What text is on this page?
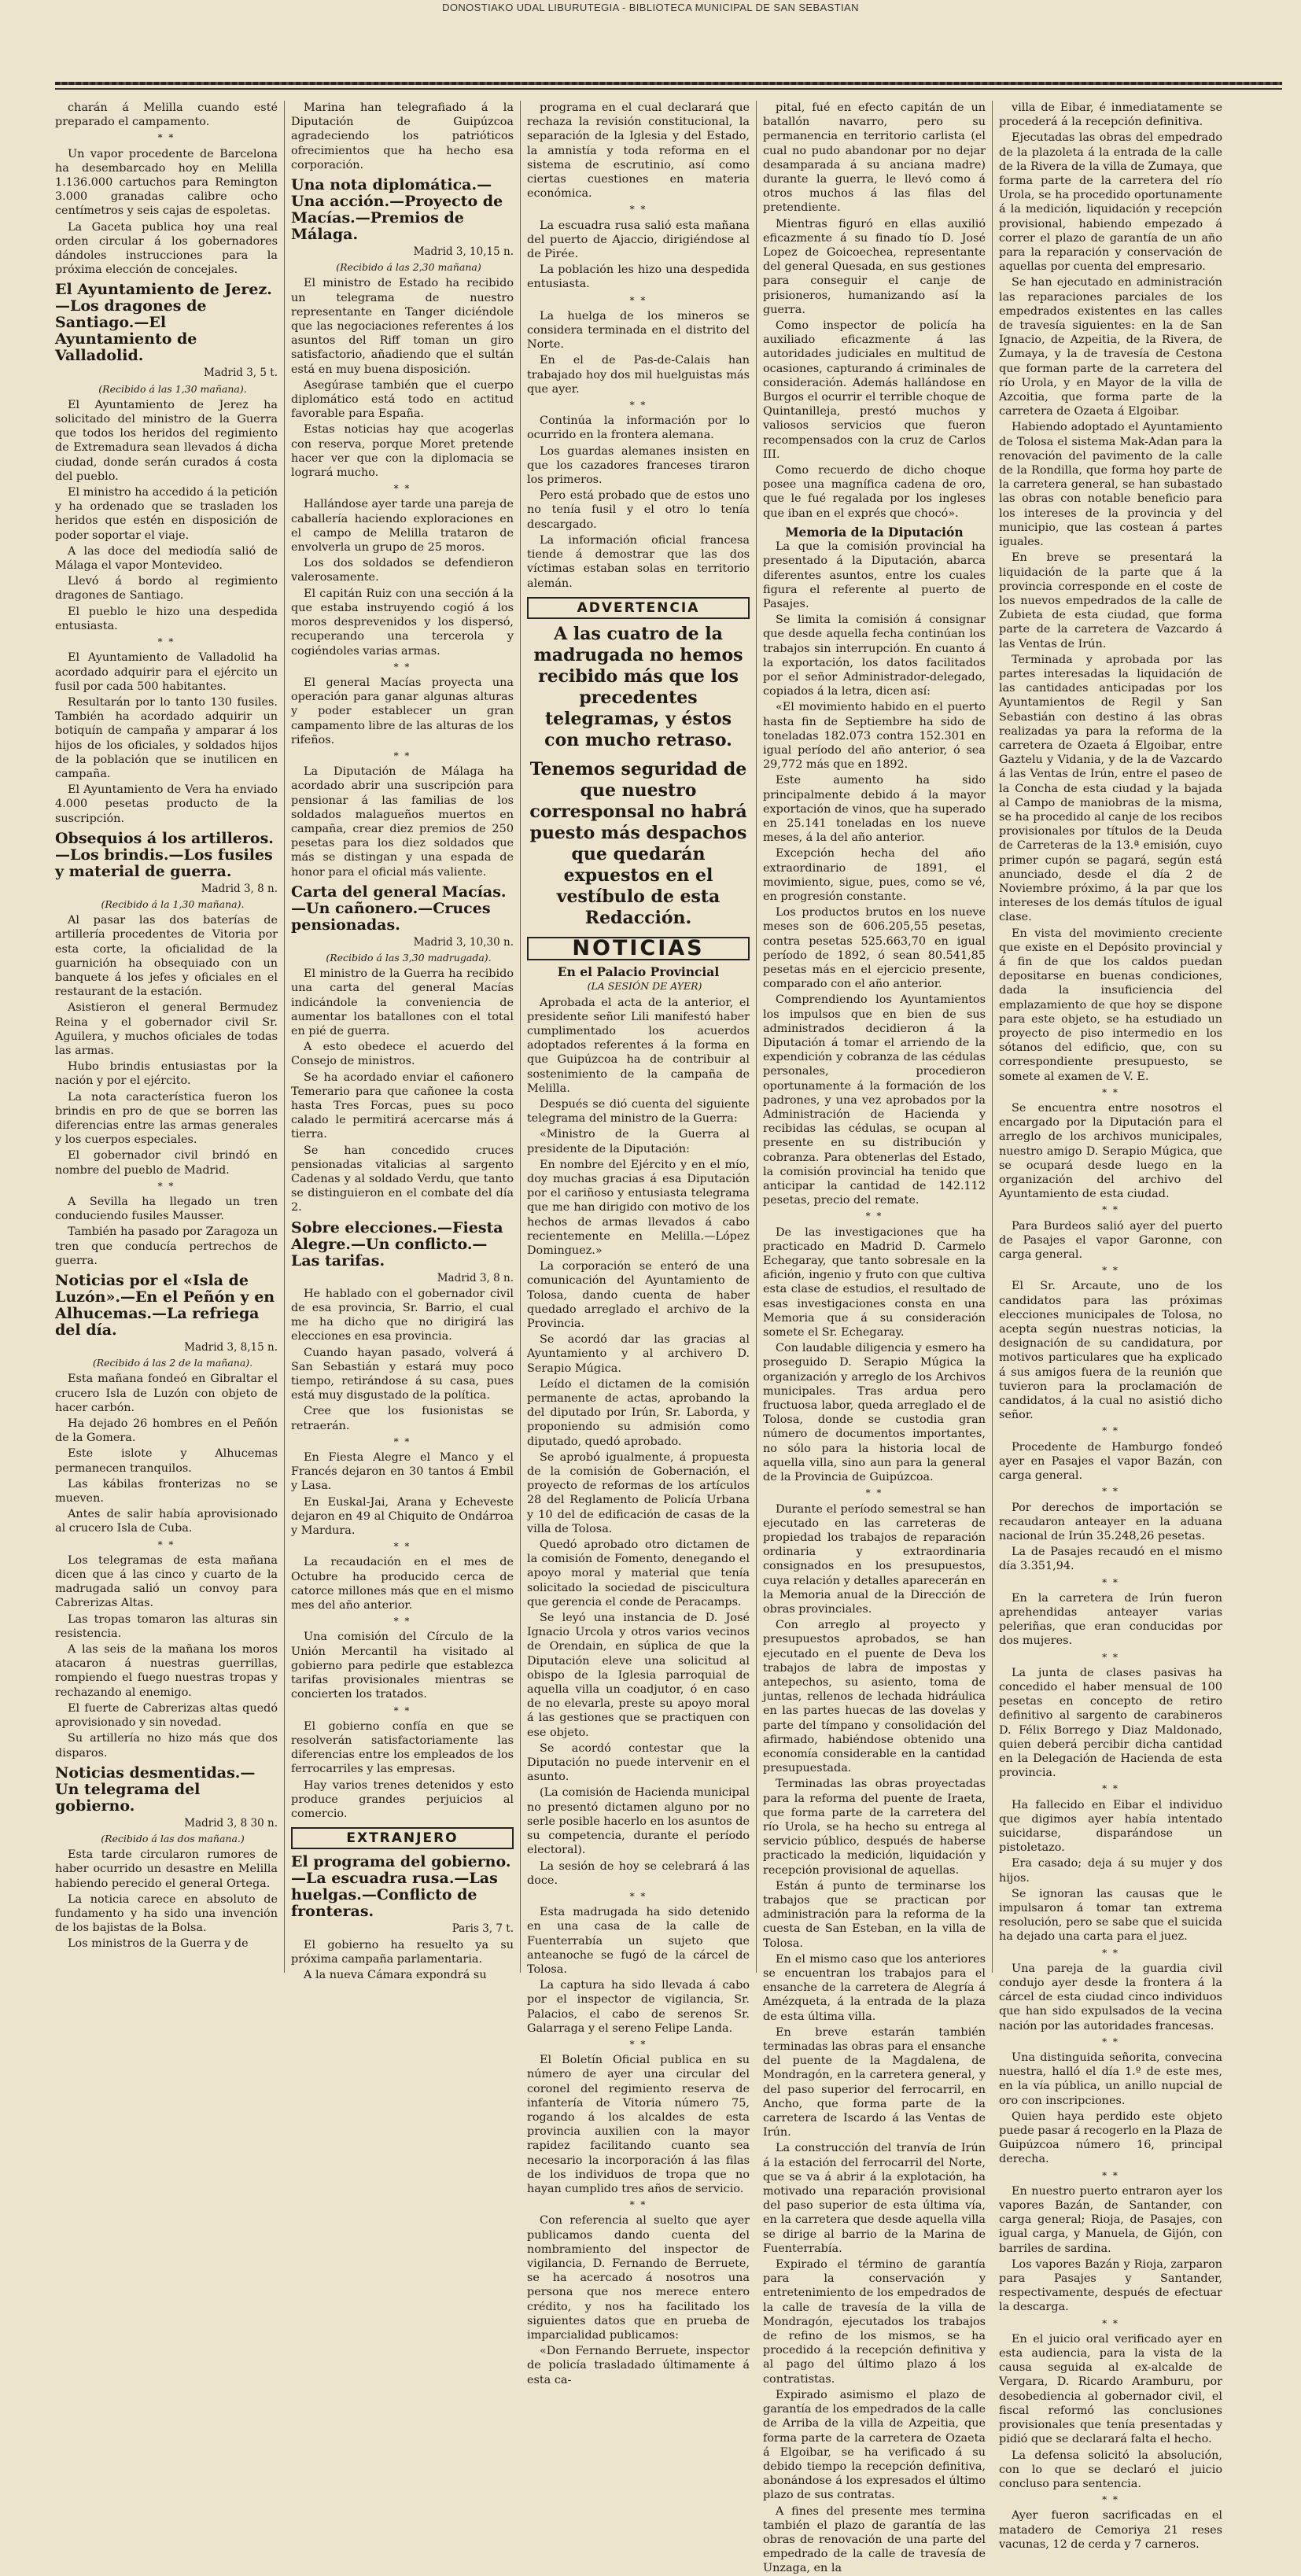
DONOSTIAKO UDAL LIBURUTEGIA - BIBLIOTECA MUNICIPAL DE SAN SEBASTIAN

charán á Melilla cuando esté preparado el campamento.

* *

Un vapor procedente de Barcelona ha desembarcado hoy en Melilla 1.136.000 cartuchos para Remington 3.000 granadas calibre ocho centímetros y seis cajas de espoletas.

La Gaceta publica hoy una real orden circular á los gobernadores dándoles instrucciones para la próxima elección de concejales.

El Ayuntamiento de Jerez.—Los dragones de Santiago.—El Ayuntamiento de Valladolid.

Madrid 3, 5 t.

(Recibido á las 1,30 mañana).

El Ayuntamiento de Jerez ha solicitado del ministro de la Guerra que todos los heridos del regimiento de Extremadura sean llevados á dicha ciudad, donde serán curados á costa del pueblo.

El ministro ha accedido á la petición y ha ordenado que se trasladen los heridos que estén en disposición de poder soportar el viaje.

A las doce del mediodía salió de Málaga el vapor Montevideo.

Llevó á bordo al regimiento dragones de Santiago.

El pueblo le hizo una despedida entusiasta.

* *

El Ayuntamiento de Valladolid ha acordado adquirir para el ejército un fusil por cada 500 habitantes.

Resultarán por lo tanto 130 fusiles. También ha acordado adquirir un botiquín de campaña y amparar á los hijos de los oficiales, y soldados hijos de la población que se inutilicen en campaña.

El Ayuntamiento de Vera ha enviado 4.000 pesetas producto de la suscripción.

Obsequios á los artilleros.—Los brindis.—Los fusiles y material de guerra.

Madrid 3, 8 n.

(Recibido á la 1,30 mañana).

Al pasar las dos baterías de artillería procedentes de Vitoria por esta corte, la oficialidad de la guarnición ha obsequiado con un banquete á los jefes y oficiales en el restaurant de la estación.

Asistieron el general Bermudez Reina y el gobernador civil Sr. Aguilera, y muchos oficiales de todas las armas.

Hubo brindis entusiastas por la nación y por el ejército.

La nota característica fueron los brindis en pro de que se borren las diferencias entre las armas generales y los cuerpos especiales.

El gobernador civil brindó en nombre del pueblo de Madrid.

* *

A Sevilla ha llegado un tren conduciendo fusiles Mausser.

También ha pasado por Zaragoza un tren que conducía pertrechos de guerra.

Noticias por el «Isla de Luzón».—En el Peñón y en Alhucemas.—La refriega del día.

Madrid 3, 8,15 n.

(Recibido á las 2 de la mañana).

Esta mañana fondeó en Gibraltar el crucero Isla de Luzón con objeto de hacer carbón.

Ha dejado 26 hombres en el Peñón de la Gomera.

Este islote y Alhucemas permanecen tranquilos.

Las kábilas fronterizas no se mueven.

Antes de salir había aprovisionado al crucero Isla de Cuba.

* *

Los telegramas de esta mañana dicen que á las cinco y cuarto de la madrugada salió un convoy para Cabrerizas Altas.

Las tropas tomaron las alturas sin resistencia.

A las seis de la mañana los moros atacaron á nuestras guerrillas, rompiendo el fuego nuestras tropas y rechazando al enemigo.

El fuerte de Cabrerizas altas quedó aprovisionado y sin novedad.

Su artillería no hizo más que dos disparos.

Noticias desmentidas.—Un telegrama del gobierno.

Madrid 3, 8 30 n.

(Recibido á las dos mañana.)

Esta tarde circularon rumores de haber ocurrido un desastre en Melilla habiendo perecido el general Ortega.

La noticia carece en absoluto de fundamento y ha sido una invención de los bajistas de la Bolsa.

Los ministros de la Guerra y de

Marina han telegrafiado á la Diputación de Guipúzcoa agradeciendo los patrióticos ofrecimientos que ha hecho esa corporación.

Una nota diplomática.—Una acción.—Proyecto de Macías.—Premios de Málaga.

Madrid 3, 10,15 n.

(Recibido á las 2,30 mañana)

El ministro de Estado ha recibido un telegrama de nuestro representante en Tanger diciéndole que las negociaciones referentes á los asuntos del Riff toman un giro satisfactorio, añadiendo que el sultán está en muy buena disposición.

Asegúrase también que el cuerpo diplomático está todo en actitud favorable para España.

Estas noticias hay que acogerlas con reserva, porque Moret pretende hacer ver que con la diplomacia se logrará mucho.

* *

Hallándose ayer tarde una pareja de caballería haciendo exploraciones en el campo de Melilla trataron de envolverla un grupo de 25 moros.

Los dos soldados se defendieron valerosamente.

El capitán Ruiz con una sección á la que estaba instruyendo cogió á los moros desprevenidos y los dispersó, recuperando una tercerola y cogiéndoles varias armas.

* *

El general Macías proyecta una operación para ganar algunas alturas y poder establecer un gran campamento libre de las alturas de los rifeños.

* *

La Diputación de Málaga ha acordado abrir una suscripción para pensionar á las familias de los soldados malagueños muertos en campaña, crear diez premios de 250 pesetas para los diez soldados que más se distingan y una espada de honor para el oficial más valiente.

Carta del general Macías.—Un cañonero.—Cruces pensionadas.

Madrid 3, 10,30 n.

(Recibido á las 3,30 madrugada).

El ministro de la Guerra ha recibido una carta del general Macías indicándole la conveniencia de aumentar los batallones con el total en pié de guerra.

A esto obedece el acuerdo del Consejo de ministros.

Se ha acordado enviar el cañonero Temerario para que cañonee la costa hasta Tres Forcas, pues su poco calado le permitirá acercarse más á tierra.

Se han concedido cruces pensionadas vitalicias al sargento Cadenas y al soldado Verdu, que tanto se distinguieron en el combate del día 2.

Sobre elecciones.—Fiesta Alegre.—Un conflicto.—Las tarifas.

Madrid 3, 8 n.

He hablado con el gobernador civil de esa provincia, Sr. Barrio, el cual me ha dicho que no dirigirá las elecciones en esa provincia.

Cuando hayan pasado, volverá á San Sebastián y estará muy poco tiempo, retirándose á su casa, pues está muy disgustado de la política.

Cree que los fusionistas se retraerán.

* *

En Fiesta Alegre el Manco y el Francés dejaron en 30 tantos á Embil y Lasa.

En Euskal-Jai, Arana y Echeveste dejaron en 49 al Chiquito de Ondárroa y Mardura.

* *

La recaudación en el mes de Octubre ha producido cerca de catorce millones más que en el mismo mes del año anterior.

* *

Una comisión del Círculo de la Unión Mercantil ha visitado al gobierno para pedirle que establezca tarifas provisionales mientras se concierten los tratados.

* *

El gobierno confía en que se resolverán satisfactoriamente las diferencias entre los empleados de los ferrocarriles y las empresas.

Hay varios trenes detenidos y esto produce grandes perjuicios al comercio.

EXTRANJERO
El programa del gobierno.—La escuadra rusa.—Las huelgas.—Conflicto de fronteras.

Paris 3, 7 t.

El gobierno ha resuelto ya su próxima campaña parlamentaria.

A la nueva Cámara expondrá su

programa en el cual declarará que rechaza la revisión constitucional, la separación de la Iglesia y del Estado, la amnistía y toda reforma en el sistema de escrutinio, así como ciertas cuestiones en materia económica.

* *

La escuadra rusa salió esta mañana del puerto de Ajaccio, dirigiéndose al de Pirée.

La población les hizo una despedida entusiasta.

* *

La huelga de los mineros se considera terminada en el distrito del Norte.

En el de Pas-de-Calais han trabajado hoy dos mil huelguistas más que ayer.

* *

Continúa la información por lo ocurrido en la frontera alemana.

Los guardas alemanes insisten en que los cazadores franceses tiraron los primeros.

Pero está probado que de estos uno no tenía fusil y el otro lo tenía descargado.

La información oficial francesa tiende á demostrar que las dos víctimas estaban solas en territorio alemán.

ADVERTENCIA
A las cuatro de la madrugada no hemos recibido más que los precedentes telegramas, y éstos con mucho retraso.
Tenemos seguridad de que nuestro corresponsal no habrá puesto más despachos que quedarán expuestos en el vestíbulo de esta Redacción.
NOTICIAS
En el Palacio Provincial

(LA SESIÓN DE AYER)

Aprobada el acta de la anterior, el presidente señor Lili manifestó haber cumplimentado los acuerdos adoptados referentes á la forma en que Guipúzcoa ha de contribuir al sostenimiento de la campaña de Melilla.

Después se dió cuenta del siguiente telegrama del ministro de la Guerra:

«Ministro de la Guerra al presidente de la Diputación:

En nombre del Ejército y en el mío, doy muchas gracias á esa Diputación por el cariñoso y entusiasta telegrama que me han dirigido con motivo de los hechos de armas llevados á cabo recientemente en Melilla.—López Dominguez.»

La corporación se enteró de una comunicación del Ayuntamiento de Tolosa, dando cuenta de haber quedado arreglado el archivo de la Provincia.

Se acordó dar las gracias al Ayuntamiento y al archivero D. Serapio Múgica.

Leído el dictamen de la comisión permanente de actas, aprobando la del diputado por Irún, Sr. Laborda, y proponiendo su admisión como diputado, quedó aprobado.

Se aprobó igualmente, á propuesta de la comisión de Gobernación, el proyecto de reformas de los artículos 28 del Reglamento de Policía Urbana y 10 del de edificación de casas de la villa de Tolosa.

Quedó aprobado otro dictamen de la comisión de Fomento, denegando el apoyo moral y material que tenía solicitado la sociedad de piscicultura que gerencia el conde de Peracamps.

Se leyó una instancia de D. José Ignacio Urcola y otros varios vecinos de Orendain, en súplica de que la Diputación eleve una solicitud al obispo de la Iglesia parroquial de aquella villa un coadjutor, ó en caso de no elevarla, preste su apoyo moral á las gestiones que se practiquen con ese objeto.

Se acordó contestar que la Diputación no puede intervenir en el asunto.

(La comisión de Hacienda municipal no presentó dictamen alguno por no serle posible hacerlo en los asuntos de su competencia, durante el período electoral).

La sesión de hoy se celebrará á las doce.

* *

Esta madrugada ha sido detenido en una casa de la calle de Fuenterrabía un sujeto que anteanoche se fugó de la cárcel de Tolosa.

La captura ha sido llevada á cabo por el inspector de vigilancia, Sr. Palacios, el cabo de serenos Sr. Galarraga y el sereno Felipe Landa.

* *

El Boletín Oficial publica en su número de ayer una circular del coronel del regimiento reserva de infantería de Vitoria número 75, rogando á los alcaldes de esta provincia auxilien con la mayor rapidez facilitando cuanto sea necesario la incorporación á las filas de los individuos de tropa que no hayan cumplido tres años de servicio.

* *

Con referencia al suelto que ayer publicamos dando cuenta del nombramiento del inspector de vigilancia, D. Fernando de Berruete, se ha acercado á nosotros una persona que nos merece entero crédito, y nos ha facilitado los siguientes datos que en prueba de imparcialidad publicamos:

«Don Fernando Berruete, inspector de policía trasladado últimamente á esta ca-

pital, fué en efecto capitán de un batallón navarro, pero su permanencia en territorio carlista (el cual no pudo abandonar por no dejar desamparada á su anciana madre) durante la guerra, le llevó como á otros muchos á las filas del pretendiente.

Mientras figuró en ellas auxilió eficazmente á su finado tío D. José Lopez de Goicoechea, representante del general Quesada, en sus gestiones para conseguir el canje de prisioneros, humanizando así la guerra.

Como inspector de policía ha auxiliado eficazmente á las autoridades judiciales en multitud de ocasiones, capturando á criminales de consideración. Además hallándose en Burgos el ocurrir el terrible choque de Quintanilleja, prestó muchos y valiosos servicios que fueron recompensados con la cruz de Carlos III.

Como recuerdo de dicho choque posee una magnífica cadena de oro, que le fué regalada por los ingleses que iban en el exprés que chocó».

Memoria de la Diputación

La que la comisión provincial ha presentado á la Diputación, abarca diferentes asuntos, entre los cuales figura el referente al puerto de Pasajes.

Se limita la comisión á consignar que desde aquella fecha continúan los trabajos sin interrupción. En cuanto á la exportación, los datos facilitados por el señor Administrador-delegado, copiados á la letra, dicen así:

«El movimiento habido en el puerto hasta fin de Septiembre ha sido de toneladas 182.073 contra 152.301 en igual período del año anterior, ó sea 29,772 más que en 1892.

Este aumento ha sido principalmente debido á la mayor exportación de vinos, que ha superado en 25.141 toneladas en los nueve meses, á la del año anterior.

Excepción hecha del año extraordinario de 1891, el movimiento, sigue, pues, como se vé, en progresión constante.

Los productos brutos en los nueve meses son de 606.205,55 pesetas, contra pesetas 525.663,70 en igual período de 1892, ó sean 80.541,85 pesetas más en el ejercicio presente, comparado con el año anterior.

Comprendiendo los Ayuntamientos los impulsos que en bien de sus administrados decidieron á la Diputación á tomar el arriendo de la expendición y cobranza de las cédulas personales, procedieron oportunamente á la formación de los padrones, y una vez aprobados por la Administración de Hacienda y recibidas las cédulas, se ocupan al presente en su distribución y cobranza. Para obtenerlas del Estado, la comisión provincial ha tenido que anticipar la cantidad de 142.112 pesetas, precio del remate.

* *

De las investigaciones que ha practicado en Madrid D. Carmelo Echegaray, que tanto sobresale en la afición, ingenio y fruto con que cultiva esta clase de estudios, el resultado de esas investigaciones consta en una Memoria que á su consideración somete el Sr. Echegaray.

Con laudable diligencia y esmero ha proseguido D. Serapio Múgica la organización y arreglo de los Archivos municipales. Tras ardua pero fructuosa labor, queda arreglado el de Tolosa, donde se custodia gran número de documentos importantes, no sólo para la historia local de aquella villa, sino aun para la general de la Provincia de Guipúzcoa.

* *

Durante el período semestral se han ejecutado en las carreteras de propiedad los trabajos de reparación ordinaria y extraordinaria consignados en los presupuestos, cuya relación y detalles aparecerán en la Memoria anual de la Dirección de obras provinciales.

Con arreglo al proyecto y presupuestos aprobados, se han ejecutado en el puente de Deva los trabajos de labra de impostas y antepechos, su asiento, toma de juntas, rellenos de lechada hidráulica en las partes huecas de las dovelas y parte del tímpano y consolidación del afirmado, habiéndose obtenido una economía considerable en la cantidad presupuestada.

Terminadas las obras proyectadas para la reforma del puente de Iraeta, que forma parte de la carretera del río Urola, se ha hecho su entrega al servicio público, después de haberse practicado la medición, liquidación y recepción provisional de aquellas.

Están á punto de terminarse los trabajos que se practican por administración para la reforma de la cuesta de San Esteban, en la villa de Tolosa.

En el mismo caso que los anteriores se encuentran los trabajos para el ensanche de la carretera de Alegría á Amézqueta, á la entrada de la plaza de esta última villa.

En breve estarán también terminadas las obras para el ensanche del puente de la Magdalena, de Mondragón, en la carretera general, y del paso superior del ferrocarril, en Ancho, que forma parte de la carretera de Iscardo á las Ventas de Irún.

La construcción del tranvía de Irún á la estación del ferrocarril del Norte, que se va á abrir á la explotación, ha motivado una reparación provisional del paso superior de esta última vía, en la carretera que desde aquella villa se dirige al barrio de la Marina de Fuenterrabía.

Expirado el término de garantía para la conservación y entretenimiento de los empedrados de la calle de travesía de la villa de Mondragón, ejecutados los trabajos de refino de los mismos, se ha procedido á la recepción definitiva y al pago del último plazo á los contratistas.

Expirado asimismo el plazo de garantía de los empedrados de la calle de Arriba de la villa de Azpeitia, que forma parte de la carretera de Ozaeta á Elgoibar, se ha verificado á su debido tiempo la recepción definitiva, abonándose á los expresados el último plazo de sus contratas.

A fines del presente mes termina también el plazo de garantía de las obras de renovación de una parte del empedrado de la calle de travesía de Unzaga, en la

villa de Eibar, é inmediatamente se procederá á la recepción definitiva.

Ejecutadas las obras del empedrado de la plazoleta á la entrada de la calle de la Rivera de la villa de Zumaya, que forma parte de la carretera del río Urola, se ha procedido oportunamente á la medición, liquidación y recepción provisional, habiendo empezado á correr el plazo de garantía de un año para la reparación y conservación de aquellas por cuenta del empresario.

Se han ejecutado en administración las reparaciones parciales de los empedrados existentes en las calles de travesía siguientes: en la de San Ignacio, de Azpeitia, de la Rivera, de Zumaya, y la de travesía de Cestona que forman parte de la carretera del río Urola, y en Mayor de la villa de Azcoitia, que forma parte de la carretera de Ozaeta á Elgoibar.

Habiendo adoptado el Ayuntamiento de Tolosa el sistema Mak-Adan para la renovación del pavimento de la calle de la Rondilla, que forma hoy parte de la carretera general, se han subastado las obras con notable beneficio para los intereses de la provincia y del municipio, que las costean á partes iguales.

En breve se presentará la liquidación de la parte que á la provincia corresponde en el coste de los nuevos empedrados de la calle de Zubieta de esta ciudad, que forma parte de la carretera de Vazcardo á las Ventas de Irún.

Terminada y aprobada por las partes interesadas la liquidación de las cantidades anticipadas por los Ayuntamientos de Regil y San Sebastián con destino á las obras realizadas ya para la reforma de la carretera de Ozaeta á Elgoibar, entre Gaztelu y Vidania, y de la de Vazcardo á las Ventas de Irún, entre el paseo de la Concha de esta ciudad y la bajada al Campo de maniobras de la misma, se ha procedido al canje de los recibos provisionales por títulos de la Deuda de Carreteras de la 13.ª emisión, cuyo primer cupón se pagará, según está anunciado, desde el día 2 de Noviembre próximo, á la par que los intereses de los demás títulos de igual clase.

En vista del movimiento creciente que existe en el Depósito provincial y á fin de que los caldos puedan depositarse en buenas condiciones, dada la insuficiencia del emplazamiento de que hoy se dispone para este objeto, se ha estudiado un proyecto de piso intermedio en los sótanos del edificio, que, con su correspondiente presupuesto, se somete al examen de V. E.

* *

Se encuentra entre nosotros el encargado por la Diputación para el arreglo de los archivos municipales, nuestro amigo D. Serapio Múgica, que se ocupará desde luego en la organización del archivo del Ayuntamiento de esta ciudad.

* *

Para Burdeos salió ayer del puerto de Pasajes el vapor Garonne, con carga general.

* *

El Sr. Arcaute, uno de los candidatos para las próximas elecciones municipales de Tolosa, no acepta según nuestras noticias, la designación de su candidatura, por motivos particulares que ha explicado á sus amigos fuera de la reunión que tuvieron para la proclamación de candidatos, á la cual no asistió dicho señor.

* *

Procedente de Hamburgo fondeó ayer en Pasajes el vapor Bazán, con carga general.

* *

Por derechos de importación se recaudaron anteayer en la aduana nacional de Irún 35.248,26 pesetas.

La de Pasajes recaudó en el mismo día 3.351,94.

* *

En la carretera de Irún fueron aprehendidas anteayer varias peleriñas, que eran conducidas por dos mujeres.

* *

La junta de clases pasivas ha concedido el haber mensual de 100 pesetas en concepto de retiro definitivo al sargento de carabineros D. Félix Borrego y Diaz Maldonado, quien deberá percibir dicha cantidad en la Delegación de Hacienda de esta provincia.

* *

Ha fallecido en Eibar el individuo que digimos ayer había intentado suicidarse, disparándose un pistoletazo.

Era casado; deja á su mujer y dos hijos.

Se ignoran las causas que le impulsaron á tomar tan extrema resolución, pero se sabe que el suicida ha dejado una carta para el juez.

* *

Una pareja de la guardia civil condujo ayer desde la frontera á la cárcel de esta ciudad cinco individuos que han sido expulsados de la vecina nación por las autoridades francesas.

* *

Una distinguida señorita, convecina nuestra, halló el día 1.º de este mes, en la vía pública, un anillo nupcial de oro con inscripciones.

Quien haya perdido este objeto puede pasar á recogerlo en la Plaza de Guipúzcoa número 16, principal derecha.

* *

En nuestro puerto entraron ayer los vapores Bazán, de Santander, con carga general; Rioja, de Pasajes, con igual carga, y Manuela, de Gijón, con barriles de sardina.

Los vapores Bazán y Rioja, zarparon para Pasajes y Santander, respectivamente, después de efectuar la descarga.

* *

En el juicio oral verificado ayer en esta audiencia, para la vista de la causa seguida al ex-alcalde de Vergara, D. Ricardo Aramburu, por desobediencia al gobernador civil, el fiscal reformó las conclusiones provisionales que tenía presentadas y pidió que se declarará falta el hecho.

La defensa solicitó la absolución, con lo que se declaró el juicio concluso para sentencia.

* *

Ayer fueron sacrificadas en el matadero de Cemoriya 21 reses vacunas, 12 de cerda y 7 carneros.
